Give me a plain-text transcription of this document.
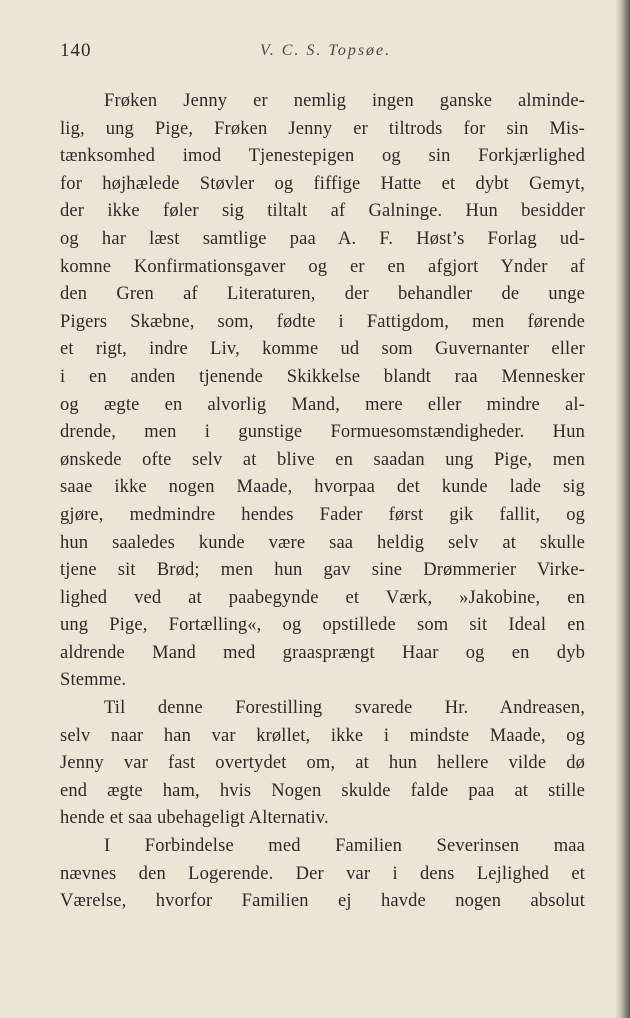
140	V. C. S. Topsøe.
Frøken Jenny er nemlig ingen ganske alminde-
lig, ung Pige, Frøken Jenny er tiltrods for sin Mis-
tænksomhed imod Tjenestepigen og sin Forkjærlighed
for højhælede Støvler og fiffige Hatte et dybt Gemyt,
der ikke føler sig tiltalt af Galninge. Hun besidder
og har læst samtlige paa A. F. Høst’s Forlag ud-
komne Konfirmationsgaver og er en afgjort Ynder af
den Gren af Literaturen, der behandler de unge
Pigers Skæbne, som, fødte i Fattigdom, men førende
et rigt, indre Liv, komme ud som Guvernanter eller
i en anden tjenende Skikkelse blandt raa Mennesker
og ægte en alvorlig Mand, mere eller mindre al-
drende, men i gunstige Formuesomstændigheder. Hun
ønskede ofte selv at blive en saadan ung Pige, men
saae ikke nogen Maade, hvorpaa det kunde lade sig
gjøre, medmindre hendes Fader først gik fallit, og
hun saaledes kunde være saa heldig selv at skulle
tjene sit Brød; men hun gav sine Drømmerier Virke-
lighed ved at paabegynde et Værk, »Jakobine, en
ung Pige, Fortælling«, og opstillede som sit Ideal en
aldrende Mand med graasprængt Haar og en dyb
Stemme.
Til denne Forestilling svarede Hr. Andreasen,
selv naar han var krøllet, ikke i mindste Maade, og
Jenny var fast overtydet om, at hun hellere vilde dø
end ægte ham, hvis Nogen skulde falde paa at stille
hende et saa ubehageligt Alternativ.
I Forbindelse med Familien Severinsen maa
nævnes den Logerende. Der var i dens Lejlighed et
Værelse, hvorfor Familien ej havde nogen absolut
